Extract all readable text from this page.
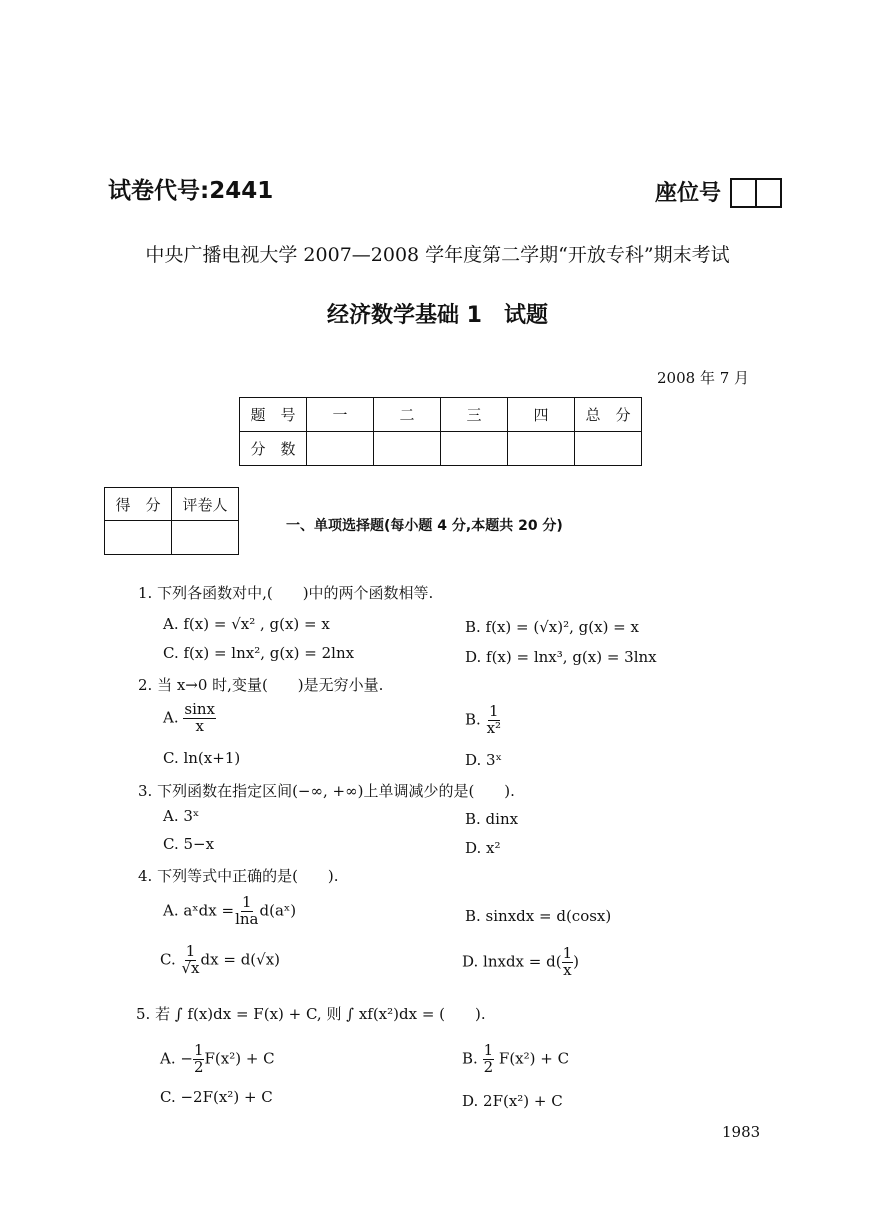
试卷代号:2441	座位号
中央广播电视大学 2007—2008 学年度第二学期“开放专科”期末考试
经济数学基础 1　试题
2008 年 7 月
题　号	一	二	三	四	总　分
分　数					
得　分	评卷人

一、单项选择题(每小题 4 分,本题共 20 分)
1. 下列各函数对中,(　　)中的两个函数相等.
A. f(x) = √x² , g(x) = x	B. f(x) = (√x)², g(x) = x
C. f(x) = lnx², g(x) = 2lnx	D. f(x) = lnx³, g(x) = 3lnx
2. 当 x→0 时,变量(　　)是无穷小量.
A. $\frac{\sin x}{x}$	B. $\frac{1}{\text{x²}}$
C. ln(x+1)	D. 3ˣ
3. 下列函数在指定区间(−∞, +∞)上单调减少的是(　　).
A. 3ˣ	B. dinx
C. 5−x	D. x²
4. 下列等式中正确的是(　　).
A. aˣdx = $\frac{1}{\ln a}$ d(aˣ)	B. sinxdx = d(cosx)
C. $\frac{1}{√x}$ dx = d(√x)	D. lnxdx = $d( \frac{1}{x}$ )
5. 若 ∫ f(x)dx = F(x) + C, 则 ∫ xf(x²)dx = (　　).
A. − $\frac{1}{2} F(x^2) + C$	B. $\frac{1}{2} F(x^2) + C$
C. −2F(x²) + C	D. 2F(x²) + C
1983
